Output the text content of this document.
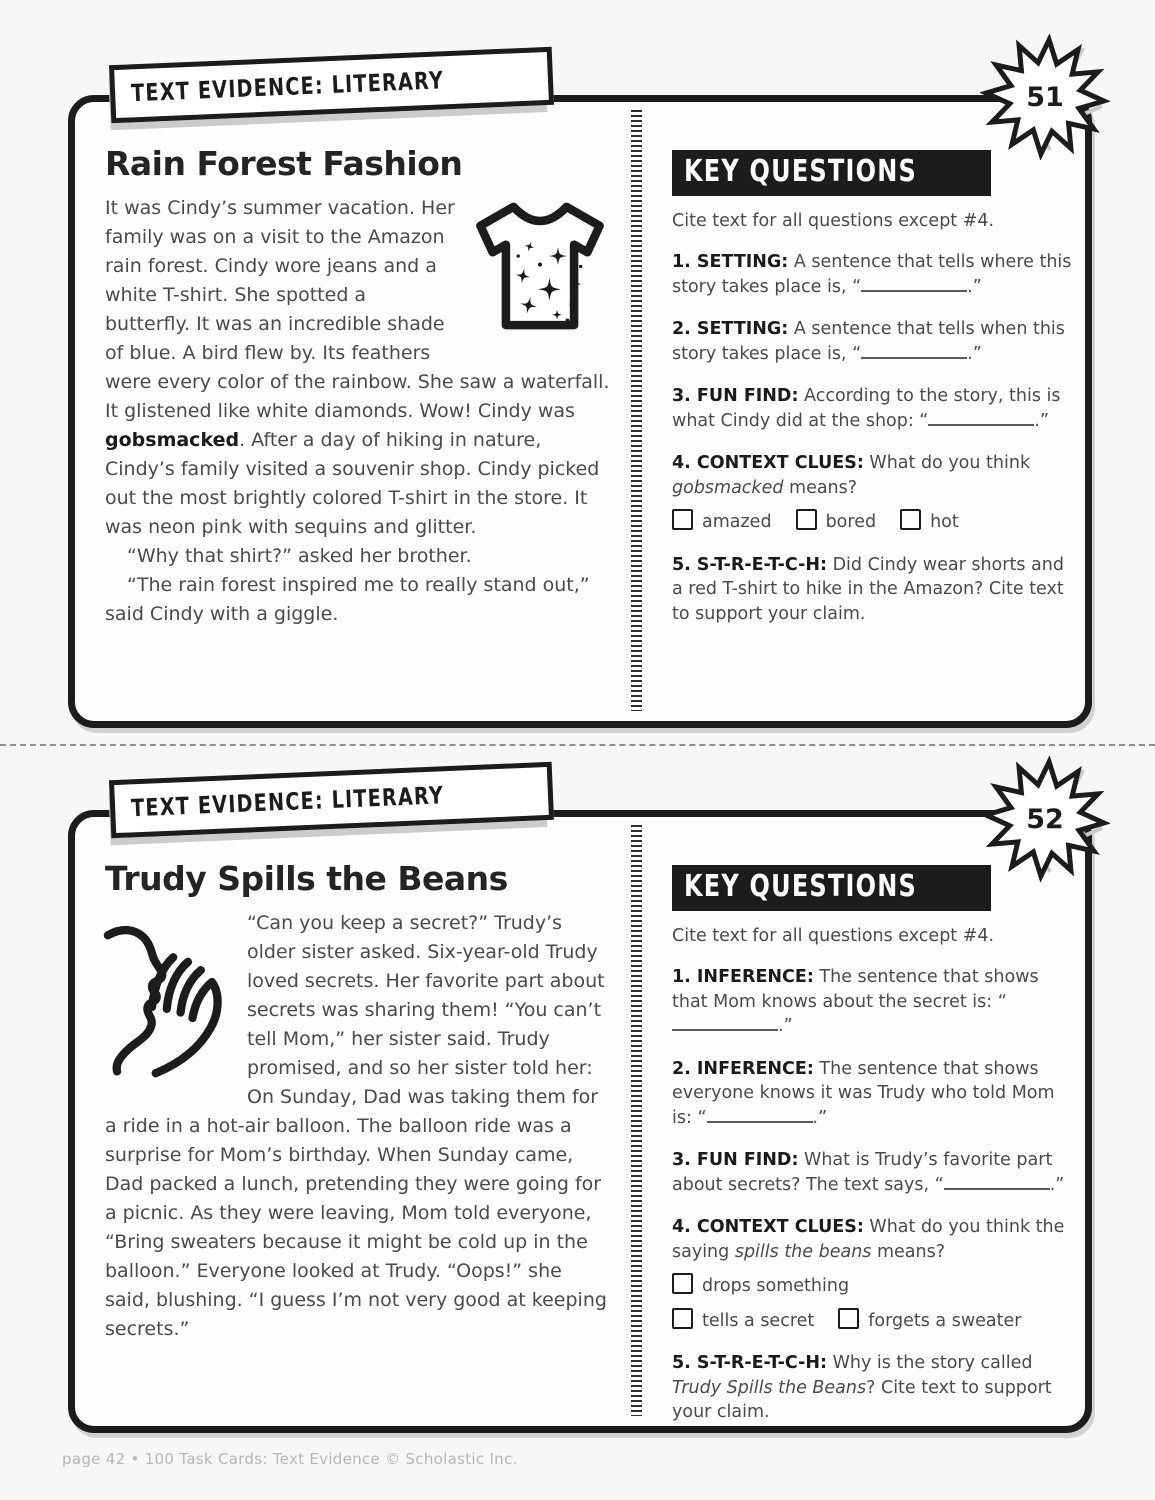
TEXT EVIDENCE: LITERARY	51
Rain Forest Fashion

It was Cindy’s summer vacation. Her family was on a visit to the Amazon rain forest. Cindy wore jeans and a white T-shirt. She spotted a butterfly. It was an incredible shade of blue. A bird flew by. Its feathers were every color of the rainbow. She saw a waterfall. It glistened like white diamonds. Wow! Cindy was gobsmacked. After a day of hiking in nature, Cindy’s family visited a souvenir shop. Cindy picked out the most brightly colored T-shirt in the store. It was neon pink with sequins and glitter.

“Why that shirt?” asked her brother.

“The rain forest inspired me to really stand out,” said Cindy with a giggle.

KEY QUESTIONS

Cite text for all questions except #4.

1. SETTING: A sentence that tells where this story takes place is, “	.”
2. SETTING: A sentence that tells when this story takes place is, “	.”
3. FUN FIND: According to the story, this is what Cindy did at the shop: “	.”
4. CONTEXT CLUES: What do you think gobsmacked means?
amazed	bored	hot
5. S-T-R-E-T-C-H: Did Cindy wear shorts and a red T-shirt to hike in the Amazon? Cite text to support your claim.
TEXT EVIDENCE: LITERARY	52
Trudy Spills the Beans

“Can you keep a secret?” Trudy’s older sister asked. Six-year-old Trudy loved secrets. Her favorite part about secrets was sharing them! “You can’t tell Mom,” her sister said. Trudy promised, and so her sister told her: On Sunday, Dad was taking them for a ride in a hot-air balloon. The balloon ride was a surprise for Mom’s birthday. When Sunday came, Dad packed a lunch, pretending they were going for a picnic. As they were leaving, Mom told everyone, “Bring sweaters because it might be cold up in the balloon.” Everyone looked at Trudy. “Oops!” she said, blushing. “I guess I’m not very good at keeping secrets.”

KEY QUESTIONS

Cite text for all questions except #4.

1. INFERENCE: The sentence that shows that Mom knows about the secret is: “.”
2. INFERENCE: The sentence that shows everyone knows it was Trudy who told Mom is: “	.”
3. FUN FIND: What is Trudy’s favorite part about secrets? The text says, “	.”
4. CONTEXT CLUES: What do you think the saying spills the beans means?
drops something
tells a secret	forgets a sweater
5. S-T-R-E-T-C-H: Why is the story called Trudy Spills the Beans? Cite text to support your claim.
page 42 • 100 Task Cards: Text Evidence © Scholastic Inc.
